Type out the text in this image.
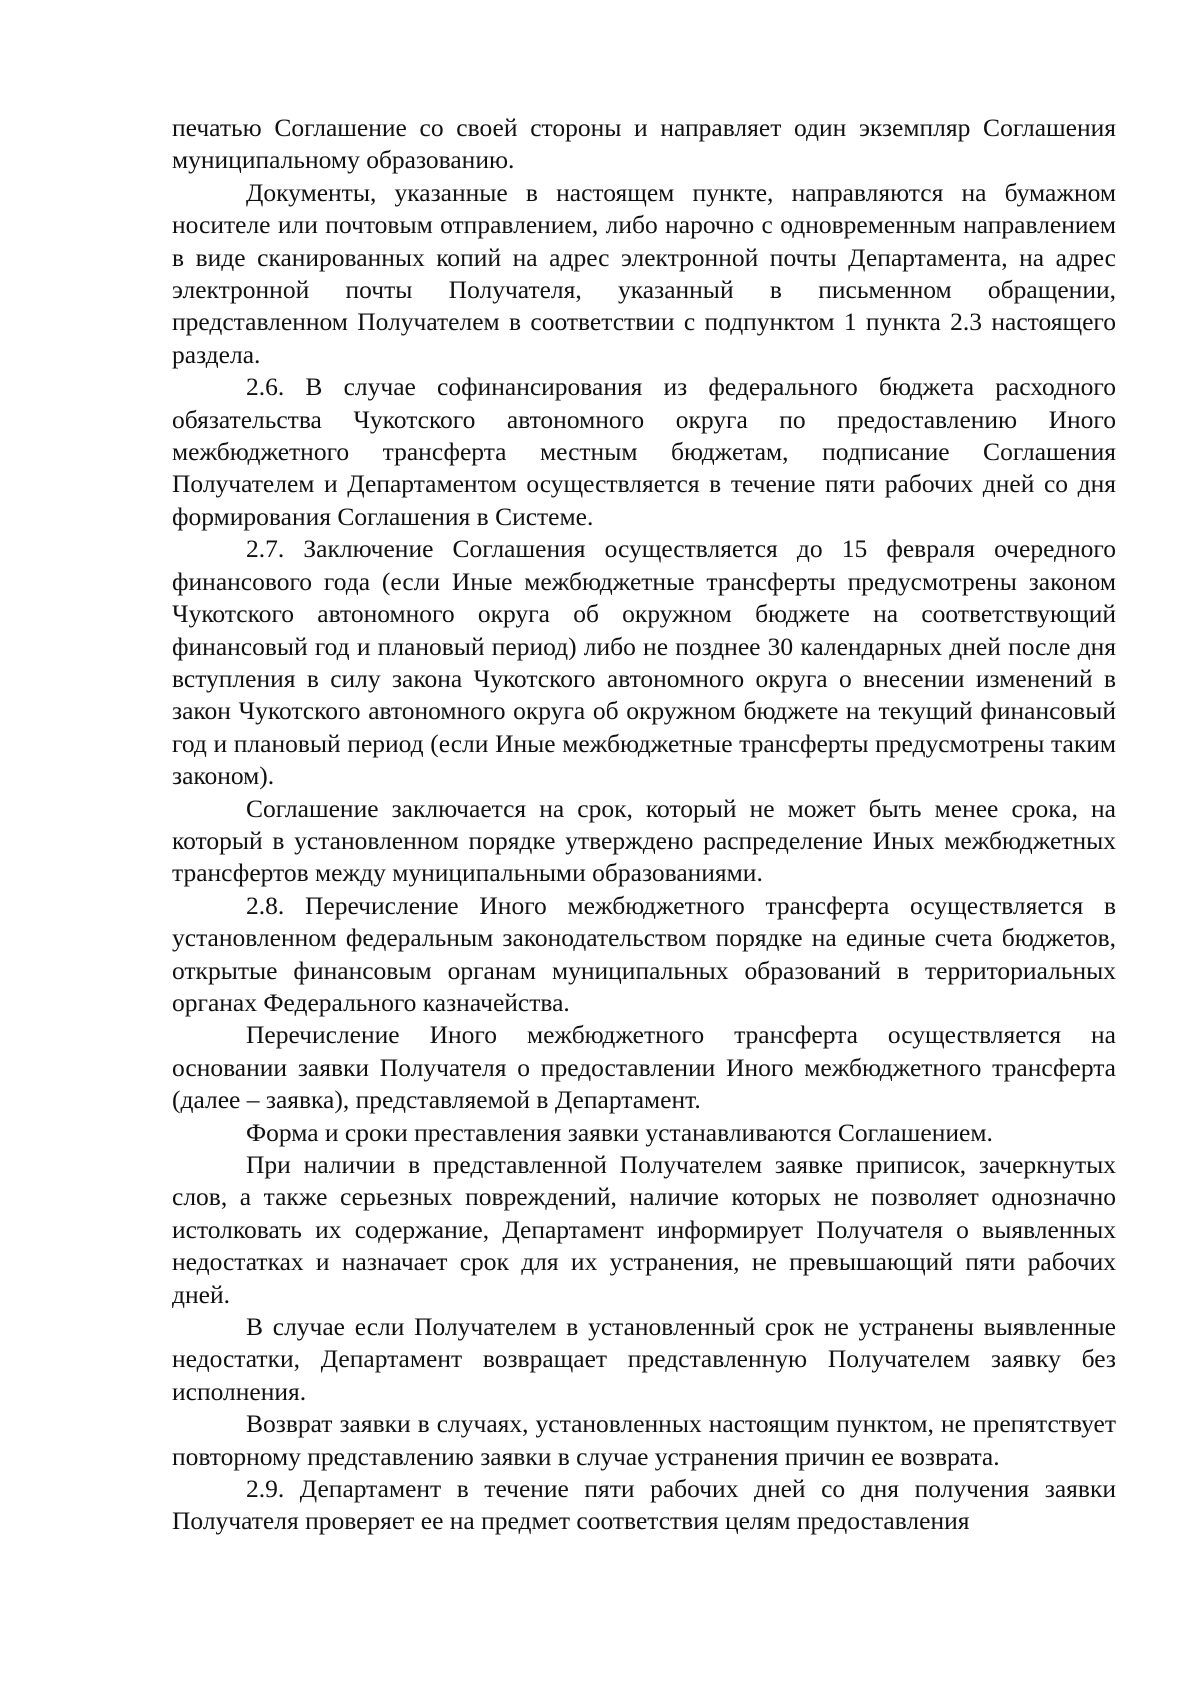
печатью Соглашение со своей стороны и направляет один экземпляр Соглашения муниципальному образованию.

Документы, указанные в настоящем пункте, направляются на бумажном носителе или почтовым отправлением, либо нарочно с одновременным направлением в виде сканированных копий на адрес электронной почты Департамента, на адрес электронной почты Получателя, указанный в письменном обращении, представленном Получателем в соответствии с подпунктом 1 пункта 2.3 настоящего раздела.

2.6. В случае софинансирования из федерального бюджета расходного обязательства Чукотского автономного округа по предоставлению Иного межбюджетного трансферта местным бюджетам, подписание Соглашения Получателем и Департаментом осуществляется в течение пяти рабочих дней со дня формирования Соглашения в Системе.

2.7. Заключение Соглашения осуществляется до 15 февраля очередного финансового года (если Иные межбюджетные трансферты предусмотрены законом Чукотского автономного округа об окружном бюджете на соответствующий финансовый год и плановый период) либо не позднее 30 календарных дней после дня вступления в силу закона Чукотского автономного округа о внесении изменений в закон Чукотского автономного округа об окружном бюджете на текущий финансовый год и плановый период (если Иные межбюджетные трансферты предусмотрены таким законом).

Соглашение заключается на срок, который не может быть менее срока, на который в установленном порядке утверждено распределение Иных межбюджетных трансфертов между муниципальными образованиями.

2.8. Перечисление Иного межбюджетного трансферта осуществляется в установленном федеральным законодательством порядке на единые счета бюджетов, открытые финансовым органам муниципальных образований в территориальных органах Федерального казначейства.

Перечисление Иного межбюджетного трансферта осуществляется на основании заявки Получателя о предоставлении Иного межбюджетного трансферта (далее – заявка), представляемой в Департамент.

Форма и сроки преставления заявки устанавливаются Соглашением.

При наличии в представленной Получателем заявке приписок, зачеркнутых слов, а также серьезных повреждений, наличие которых не позволяет однозначно истолковать их содержание, Департамент информирует Получателя о выявленных недостатках и назначает срок для их устранения, не превышающий пяти рабочих дней.

В случае если Получателем в установленный срок не устранены выявленные недостатки, Департамент возвращает представленную Получателем заявку без исполнения.

Возврат заявки в случаях, установленных настоящим пунктом, не препятствует повторному представлению заявки в случае устранения причин ее возврата.

2.9. Департамент в течение пяти рабочих дней со дня получения заявки Получателя проверяет ее на предмет соответствия целям предоставления
